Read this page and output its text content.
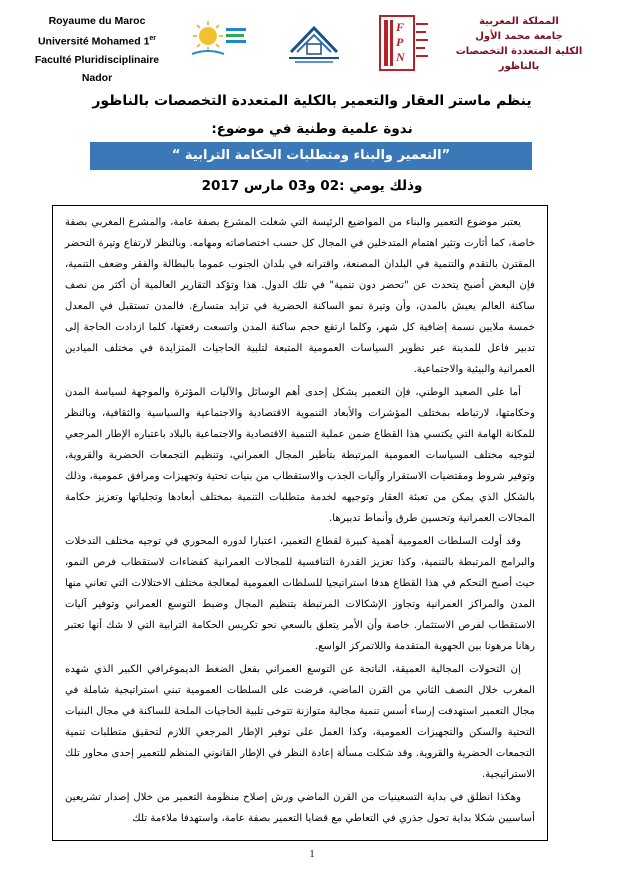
Royaume du Maroc
Université Mohamed 1er
Faculté Pluridisciplinaire Nador
F
P
N
المملكة المغربية
جامعة محمد الأول
الكلية المتعددة التخصصات بالناظور
ينظم ماستر العقار والتعمير بالكلية المتعددة التخصصات بالناظور
ندوة علمية وطنية في موضوع:
”التعمير والبناء ومتطلبات الحكامة الترابية “
وذلك يومي :02 و03 مارس 2017

يعتبر موضوع التعمير والبناء من المواضيع الرئيسة التي شغلت المشرع بصفة عامة، والمشرع المغربي بصفة خاصة، كما أثارت وتثير اهتمام المتدخلين في المجال كل حسب اختصاصاته ومهامه. وبالنظر لارتفاع وتيرة التحضر المقترن بالتقدم والتنمية في البلدان المصنعة، واقترانه في بلدان الجنوب عموما بالبطالة والفقر وضعف التنمية، فإن البعض أصبح يتحدث عن "تحضر دون تنمية" في تلك الدول. هذا وتؤكد التقارير العالمية أن أكثر من نصف ساكنة العالم يعيش بالمدن، وأن وتيرة نمو الساكنة الحضرية في تزايد متسارع. فالمدن تستقبل في المعدل خمسة ملايين نسمة إضافية كل شهر، وكلما ارتفع حجم ساكنة المدن واتسعت رقعتها، كلما ازدادت الحاجة إلى تدبير فاعل للمدينة عبر تطوير السياسات العمومية المتبعة لتلبية الحاجيات المتزايدة في مختلف الميادين العمرانية والبيئية والاجتماعية.

أما على الصعيد الوطني، فإن التعمير يشكل إحدى أهم الوسائل والآليات المؤثرة والموجهة لسياسة المدن وحكامتها، لارتباطه بمختلف المؤشرات والأبعاد التنموية الاقتصادية والاجتماعية والسياسية والثقافية، وبالنظر للمكانة الهامة التي يكتسي هذا القطاع ضمن عملية التنمية الاقتصادية والاجتماعية بالبلاد باعتباره الإطار المرجعي لتوجيه مختلف السياسات العمومية المرتبطة بتأطير المجال العمراني، وتنظيم التجمعات الحضرية والقروية، وتوفير شروط ومقتضيات الاستقرار وآليات الجذب والاستقطاب من بنيات تحتية وتجهيزات ومرافق عمومية، وذلك بالشكل الذي يمكن من تعبئة العقار وتوجيهه لخدمة متطلبات التنمية بمختلف أبعادها وتجلياتها وتعزيز حكامة المجالات العمرانية وتحسين طرق وأنماط تدبيرها.

وقد أولت السلطات العمومية أهمية كبيرة لقطاع التعمير، اعتبارا لدوره المحوري في توجيه مختلف التدخلات والبرامج المرتبطة بالتنمية، وكذا تعزيز القدرة التنافسية للمجالات العمرانية كفضاءات لاستقطاب فرص النمو، حيث أصبح التحكم في هذا القطاع هدفا استراتيجيا للسلطات العمومية لمعالجة مختلف الاختلالات التي تعاني منها المدن والمراكز العمرانية وتجاوز الإشكالات المرتبطة بتنظيم المجال وضبط التوسع العمراني وتوفير آليات الاستقطاب لفرص الاستثمار. خاصة وأن الأمر يتعلق بالسعي نحو تكريس الحكامة الترابية التي لا شك أنها تعتبر رهانا مرهونا بين الجهوية المتقدمة واللاتمركز الواسع.

إن التحولات المجالية العميقة، الناتجة عن التوسع العمراني بفعل الضغط الديموغرافي الكبير الذي شهده المغرب خلال النصف الثاني من القرن الماضي، فرضت على السلطات العمومية تبني استراتيجية شاملة في مجال التعمير استهدفت إرساء أسس تنمية مجالية متوازنة تتوخى تلبية الحاجيات الملحة للساكنة في مجال البنيات التحتية والسكن والتجهيزات العمومية، وكذا العمل على توفير الإطار المرجعي اللازم لتحقيق متطلبات تنمية التجمعات الحضرية والقروية. وقد شكلت مسألة إعادة النظر في الإطار القانوني المنظم للتعمير إحدى محاور تلك الاستراتيجية.

وهكذا انطلق في بداية التسعينيات من القرن الماضي ورش إصلاح منظومة التعمير من خلال إصدار تشريعين أساسيين شكلا بداية تحول جذري في التعاطي مع قضايا التعمير بصفة عامة، واستهدفا ملاءمة تلك

1
